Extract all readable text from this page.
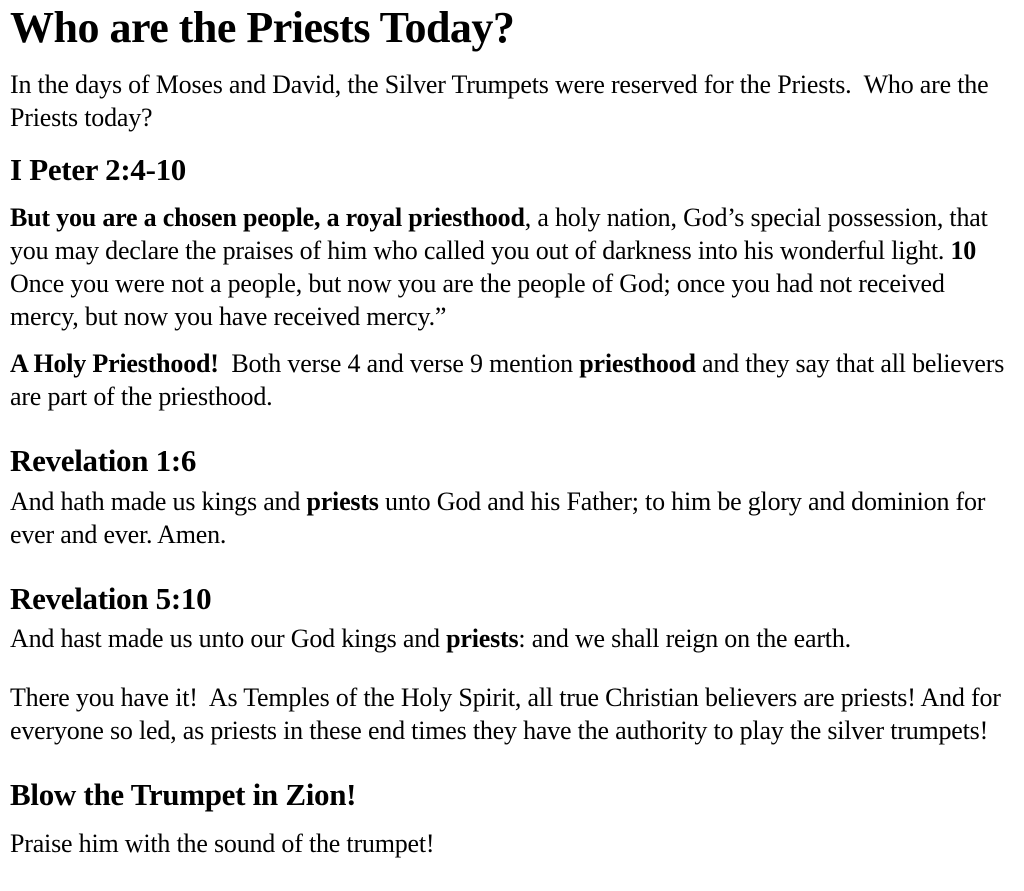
Who are the Priests Today?

In the days of Moses and David, the Silver Trumpets were reserved for the Priests.  Who are the Priests today?

I Peter 2:4-10

But you are a chosen people, a royal priesthood, a holy nation, God’s special possession, that you may declare the praises of him who called you out of darkness into his wonderful light. 10 Once you were not a people, but now you are the people of God; once you had not received mercy, but now you have received mercy.”

A Holy Priesthood!  Both verse 4 and verse 9 mention priesthood and they say that all believers are part of the priesthood.

Revelation 1:6

And hath made us kings and priests unto God and his Father; to him be glory and dominion for ever and ever. Amen.

Revelation 5:10

And hast made us unto our God kings and priests: and we shall reign on the earth.

There you have it!  As Temples of the Holy Spirit, all true Christian believers are priests! And for everyone so led, as priests in these end times they have the authority to play the silver trumpets!

Blow the Trumpet in Zion!

Praise him with the sound of the trumpet!
